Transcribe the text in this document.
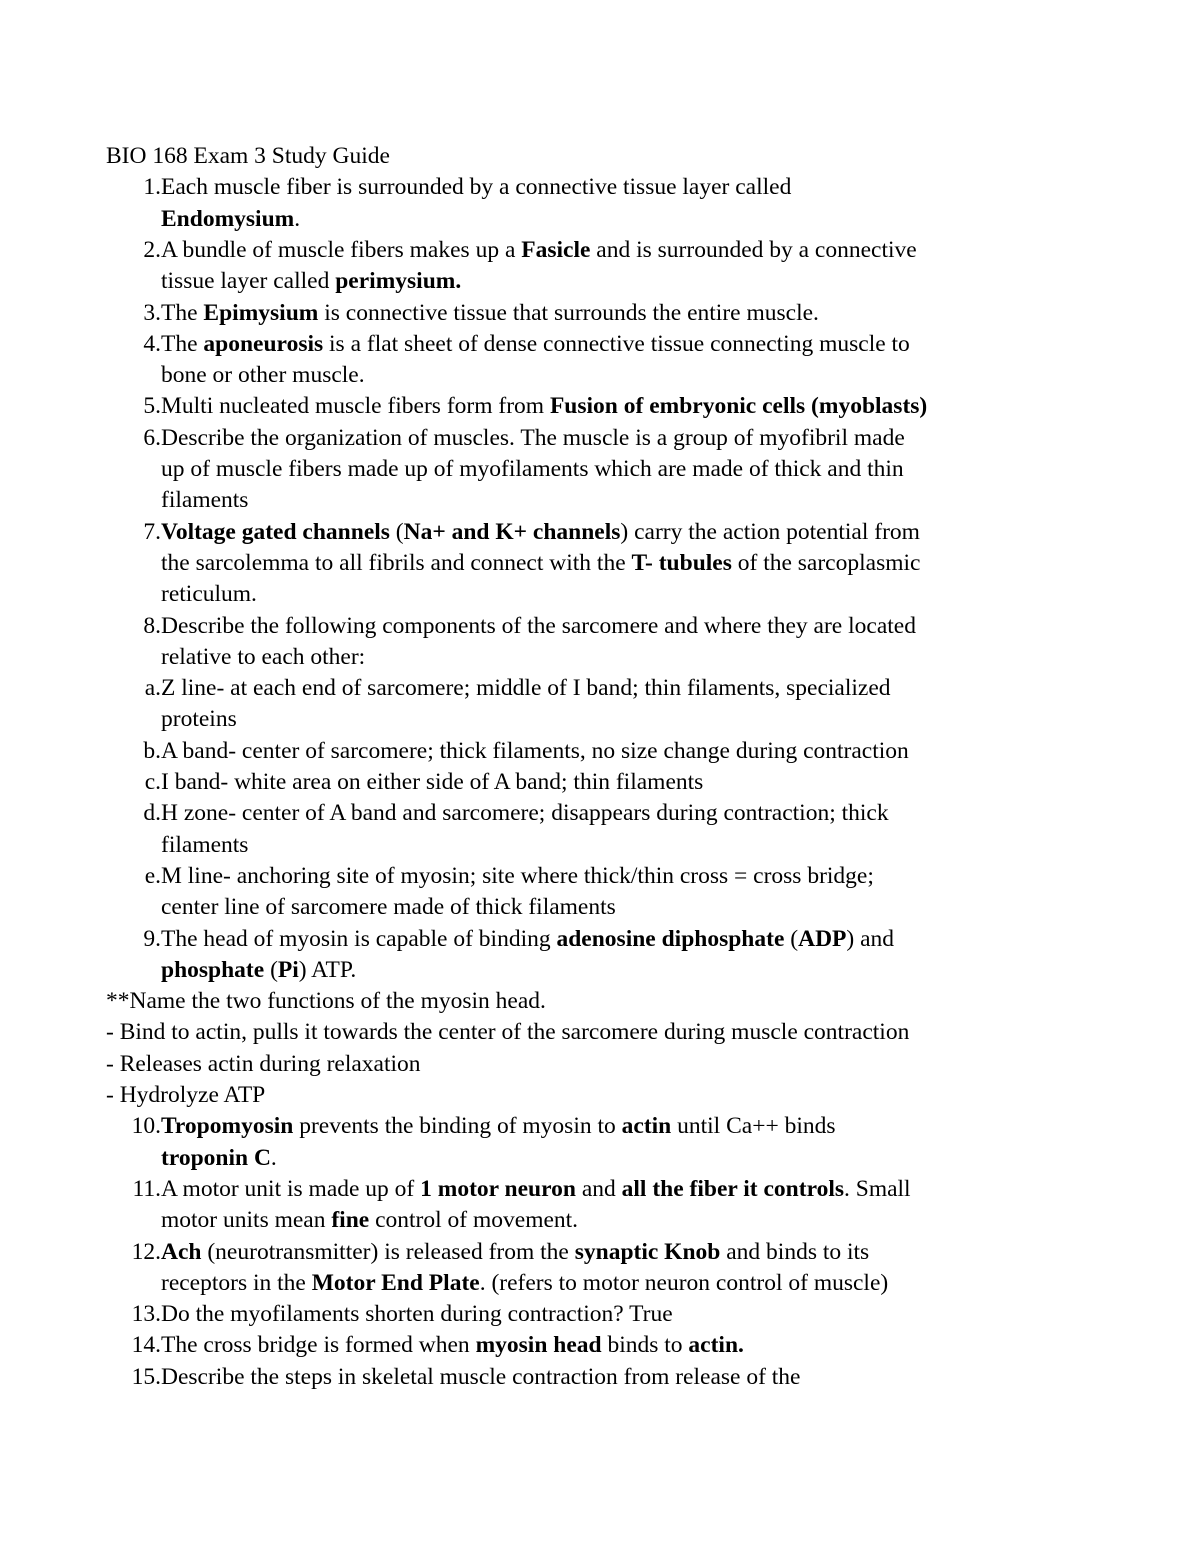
BIO 168 Exam 3 Study Guide
1.Each muscle fiber is surrounded by a connective tissue layer called
Endomysium.
2.A bundle of muscle fibers makes up a Fasicle and is surrounded by a connective
tissue layer called perimysium.
3.The Epimysium is connective tissue that surrounds the entire muscle.
4.The aponeurosis is a flat sheet of dense connective tissue connecting muscle to
bone or other muscle.
5.Multi nucleated muscle fibers form from Fusion of embryonic cells (myoblasts)
6.Describe the organization of muscles. The muscle is a group of myofibril made
up of muscle fibers made up of myofilaments which are made of thick and thin
filaments
7.Voltage gated channels (Na+ and K+ channels) carry the action potential from
the sarcolemma to all fibrils and connect with the T- tubules of the sarcoplasmic
reticulum.
8.Describe the following components of the sarcomere and where they are located
relative to each other:
a.Z line- at each end of sarcomere; middle of I band; thin filaments, specialized
proteins
b.A band- center of sarcomere; thick filaments, no size change during contraction
c.I band- white area on either side of A band; thin filaments
d.H zone- center of A band and sarcomere; disappears during contraction; thick
filaments
e.M line- anchoring site of myosin; site where thick/thin cross = cross bridge;
center line of sarcomere made of thick filaments
9.The head of myosin is capable of binding adenosine diphosphate (ADP) and
phosphate (Pi) ATP.
**Name the two functions of the myosin head.
- Bind to actin, pulls it towards the center of the sarcomere during muscle contraction
- Releases actin during relaxation
- Hydrolyze ATP
10.Tropomyosin prevents the binding of myosin to actin until Ca++ binds
troponin C.
11.A motor unit is made up of 1 motor neuron and all the fiber it controls. Small
motor units mean fine control of movement.
12.Ach (neurotransmitter) is released from the synaptic Knob and binds to its
receptors in the Motor End Plate. (refers to motor neuron control of muscle)
13.Do the myofilaments shorten during contraction? True
14.The cross bridge is formed when myosin head binds to actin.
15.Describe the steps in skeletal muscle contraction from release of the
